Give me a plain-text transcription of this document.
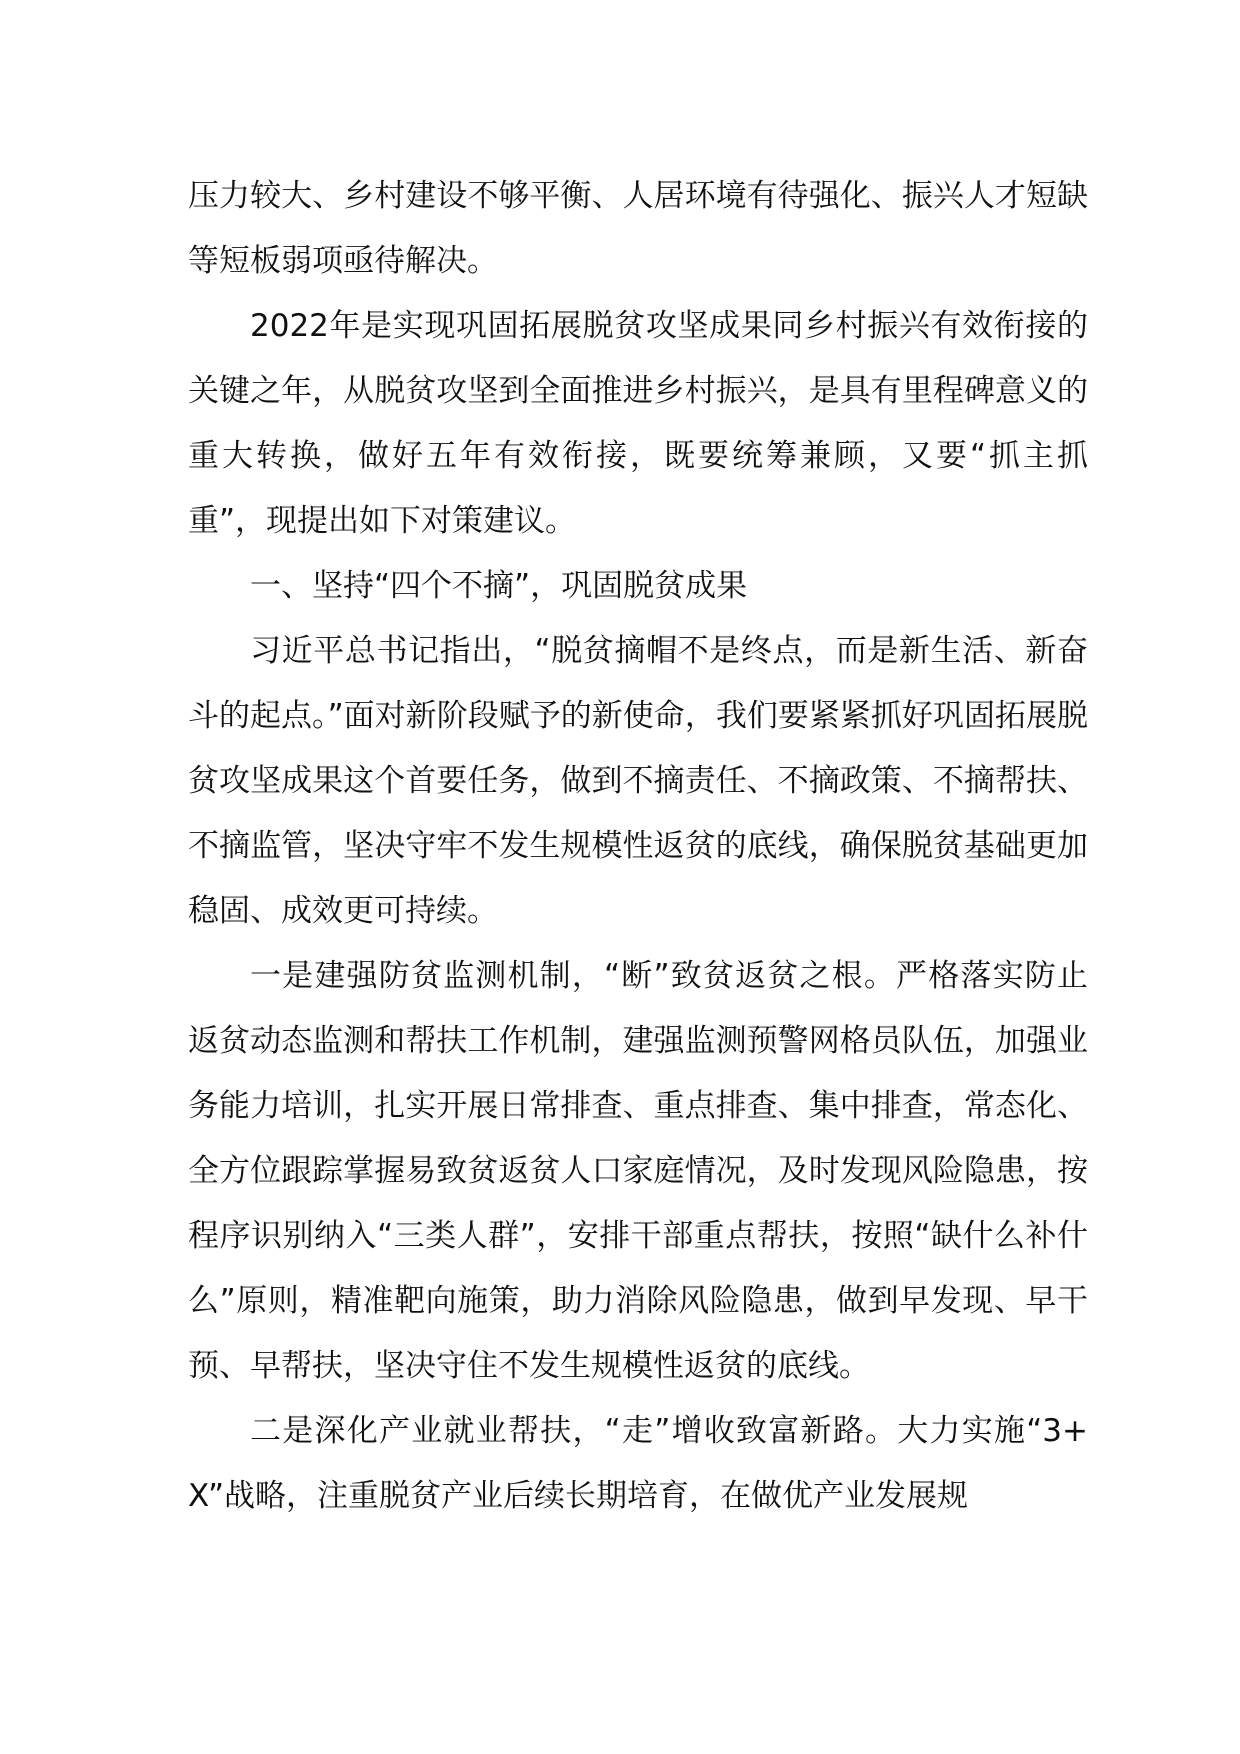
压力较大、乡村建设不够平衡、人居环境有待强化、振兴人才短缺等短板弱项亟待解决。

2022年是实现巩固拓展脱贫攻坚成果同乡村振兴有效衔接的关键之年，从脱贫攻坚到全面推进乡村振兴，是具有里程碑意义的重大转换，做好五年有效衔接，既要统筹兼顾，又要“抓主抓重”，现提出如下对策建议。

一、坚持“四个不摘”，巩固脱贫成果

习近平总书记指出，“脱贫摘帽不是终点，而是新生活、新奋斗的起点。”面对新阶段赋予的新使命，我们要紧紧抓好巩固拓展脱贫攻坚成果这个首要任务，做到不摘责任、不摘政策、不摘帮扶、不摘监管，坚决守牢不发生规模性返贫的底线，确保脱贫基础更加稳固、成效更可持续。

一是建强防贫监测机制，“断”致贫返贫之根。严格落实防止返贫动态监测和帮扶工作机制，建强监测预警网格员队伍，加强业务能力培训，扎实开展日常排查、重点排查、集中排查，常态化、全方位跟踪掌握易致贫返贫人口家庭情况，及时发现风险隐患，按程序识别纳入“三类人群”，安排干部重点帮扶，按照“缺什么补什么”原则，精准靶向施策，助力消除风险隐患，做到早发现、早干预、早帮扶，坚决守住不发生规模性返贫的底线。

二是深化产业就业帮扶，“走”增收致富新路。大力实施“3+X”战略，注重脱贫产业后续长期培育，在做优产业发展规
